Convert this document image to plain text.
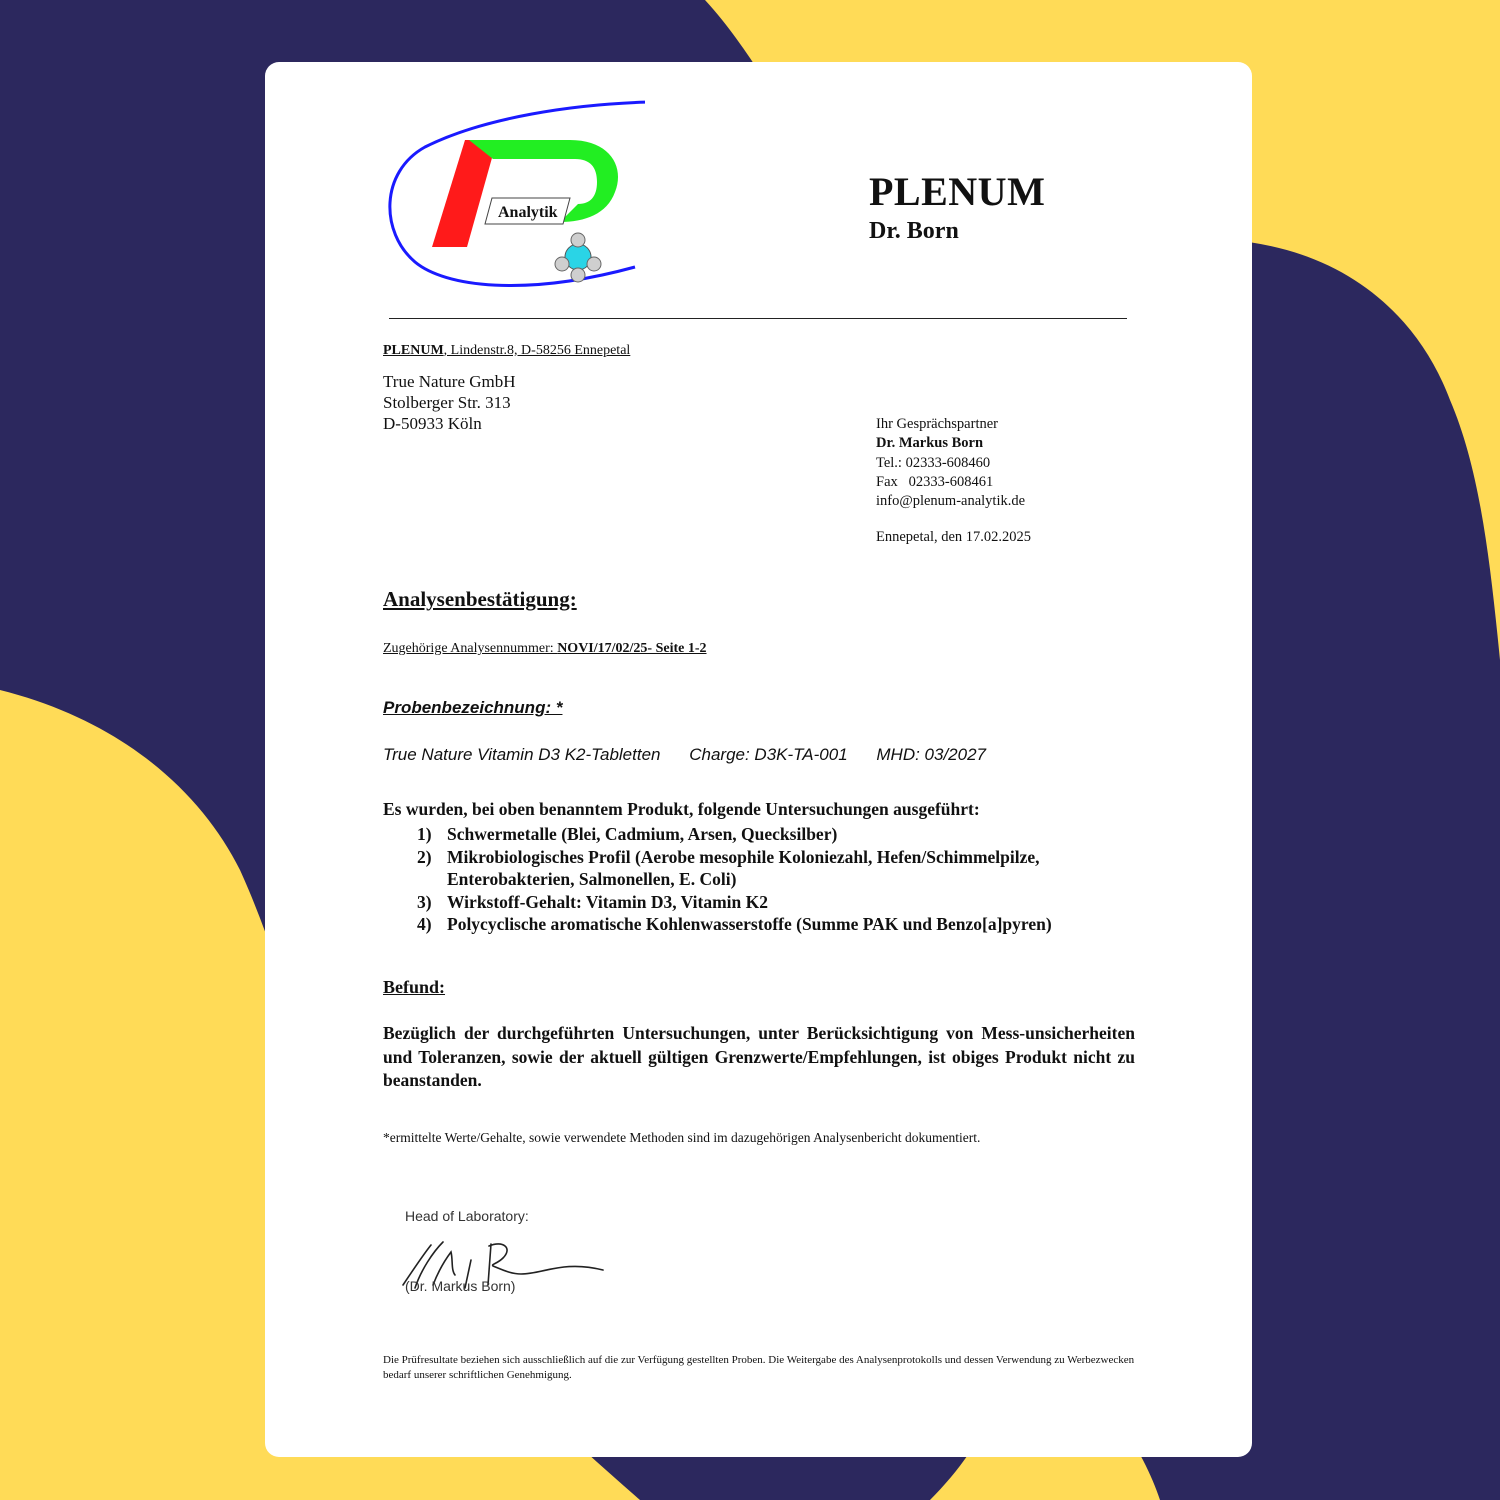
Analytik	PLENUM
Dr. Born
PLENUM, Lindenstr.8, D-58256 Ennepetal
True Nature GmbH
Stolberger Str. 313
D-50933 Köln	Ihr Gesprächspartner
Dr. Markus Born
Tel.: 02333-608460
Fax   02333-608461
info@plenum-analytik.de
Ennepetal, den 17.02.2025
Analysenbestätigung:
Zugehörige Analysennummer: NOVI/17/02/25- Seite 1-2
Probenbezeichnung: *
True Nature Vitamin D3 K2-Tabletten Charge: D3K-TA-001 MHD: 03/2027
Es wurden, bei oben benanntem Produkt, folgende Untersuchungen ausgeführt:
1) Schwermetalle (Blei, Cadmium, Arsen, Quecksilber)
2) Mikrobiologisches Profil (Aerobe mesophile Koloniezahl, Hefen/Schimmelpilze, Enterobakterien, Salmonellen, E. Coli)
3) Wirkstoff-Gehalt: Vitamin D3, Vitamin K2
4) Polycyclische aromatische Kohlenwasserstoffe (Summe PAK und Benzo[a]pyren)
Befund:
Bezüglich der durchgeführten Untersuchungen, unter Berücksichtigung von Mess-unsicherheiten und Toleranzen, sowie der aktuell gültigen Grenzwerte/Empfehlungen, ist obiges Produkt nicht zu beanstanden.
*ermittelte Werte/Gehalte, sowie verwendete Methoden sind im dazugehörigen Analysenbericht dokumentiert.
Head of Laboratory:
(Dr. Markus Born)
Die Prüfresultate beziehen sich ausschließlich auf die zur Verfügung gestellten Proben. Die Weitergabe des Analysenprotokolls und dessen Verwendung zu Werbezwecken bedarf unserer schriftlichen Genehmigung.
